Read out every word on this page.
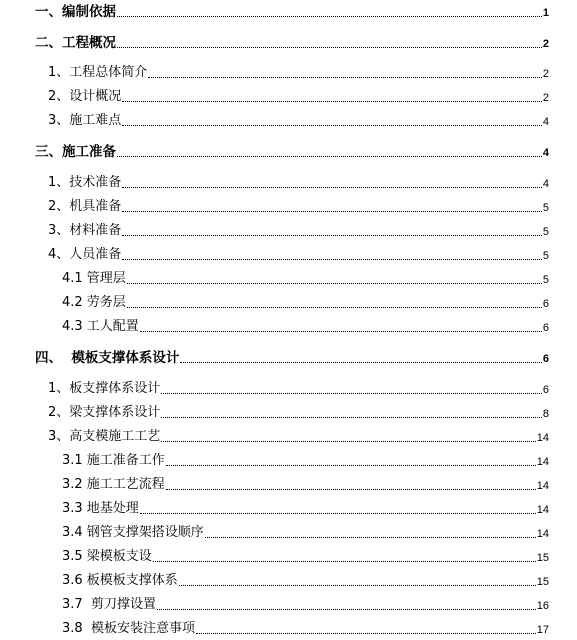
一、编制依据	1
二、工程概况	2
1、工程总体简介	2
2、设计概况	2
3、施工难点	4
三、施工准备	4
1、技术准备	4
2、机具准备	5
3、材料准备	5
4、人员准备	5
4.1 管理层	5
4.2 劳务层	6
4.3 工人配置	6
四、  模板支撑体系设计	6
1、板支撑体系设计	6
2、梁支撑体系设计	8
3、高支模施工工艺	14
3.1 施工准备工作	14
3.2 施工工艺流程	14
3.3 地基处理	14
3.4 钢管支撑架搭设顺序	14
3.5 梁模板支设	15
3.6 板模板支撑体系	15
3.7  剪刀撑设置	16
3.8  模板安装注意事项	17
